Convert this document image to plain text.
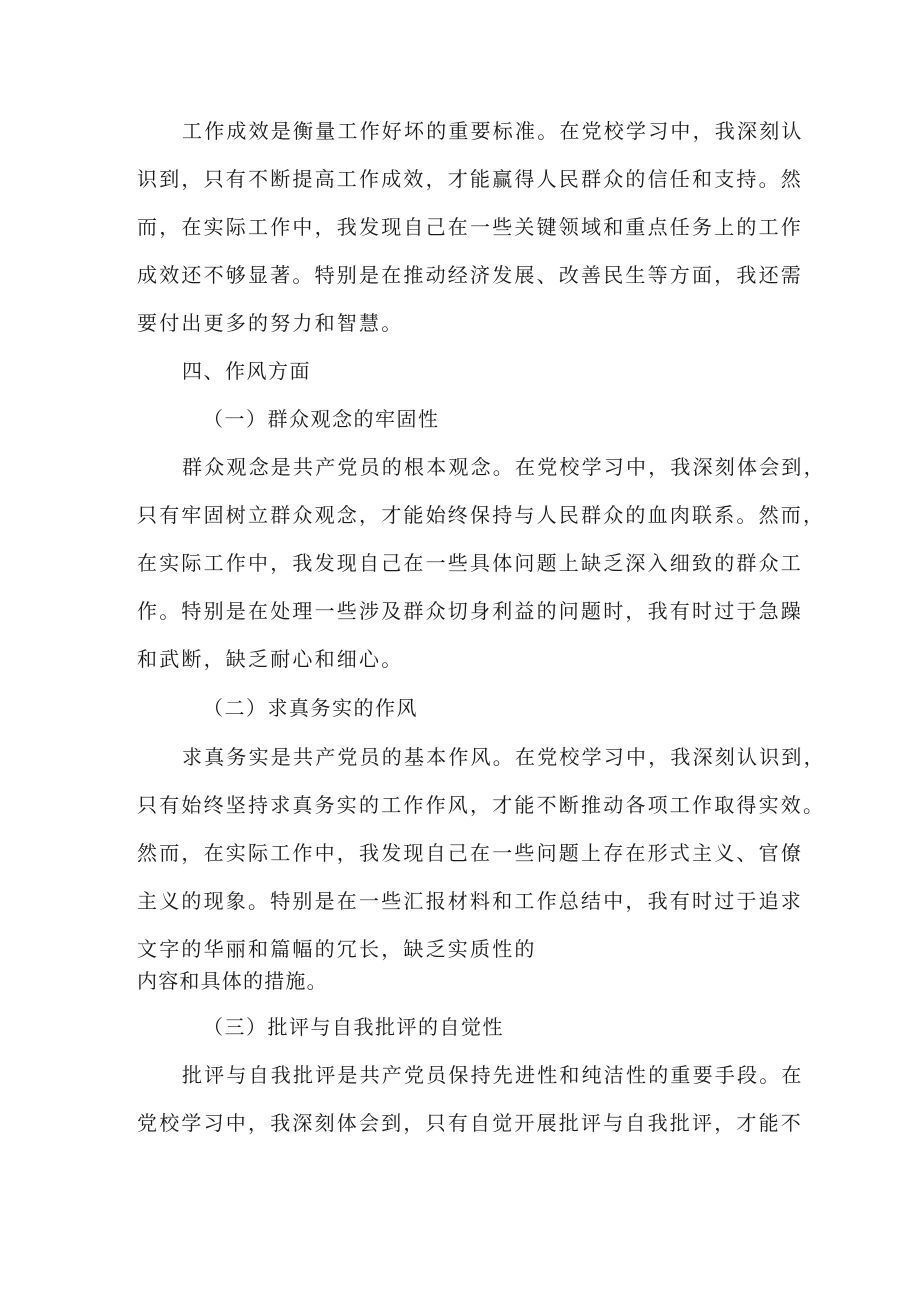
工作成效是衡量工作好坏的重要标准。在党校学习中，我深刻认
识到，只有不断提高工作成效，才能赢得人民群众的信任和支持。然
而，在实际工作中，我发现自己在一些关键领域和重点任务上的工作
成效还不够显著。特别是在推动经济发展、改善民生等方面，我还需
要付出更多的努力和智慧。
四、作风方面
（一）群众观念的牢固性
群众观念是共产党员的根本观念。在党校学习中，我深刻体会到，
只有牢固树立群众观念，才能始终保持与人民群众的血肉联系。然而，
在实际工作中，我发现自己在一些具体问题上缺乏深入细致的群众工
作。特别是在处理一些涉及群众切身利益的问题时，我有时过于急躁
和武断，缺乏耐心和细心。
（二）求真务实的作风
求真务实是共产党员的基本作风。在党校学习中，我深刻认识到，
只有始终坚持求真务实的工作作风，才能不断推动各项工作取得实效。
然而，在实际工作中，我发现自己在一些问题上存在形式主义、官僚
主义的现象。特别是在一些汇报材料和工作总结中，我有时过于追求
文字的华丽和篇幅的冗长，缺乏实质性的
内容和具体的措施。
（三）批评与自我批评的自觉性
批评与自我批评是共产党员保持先进性和纯洁性的重要手段。在
党校学习中，我深刻体会到，只有自觉开展批评与自我批评，才能不
